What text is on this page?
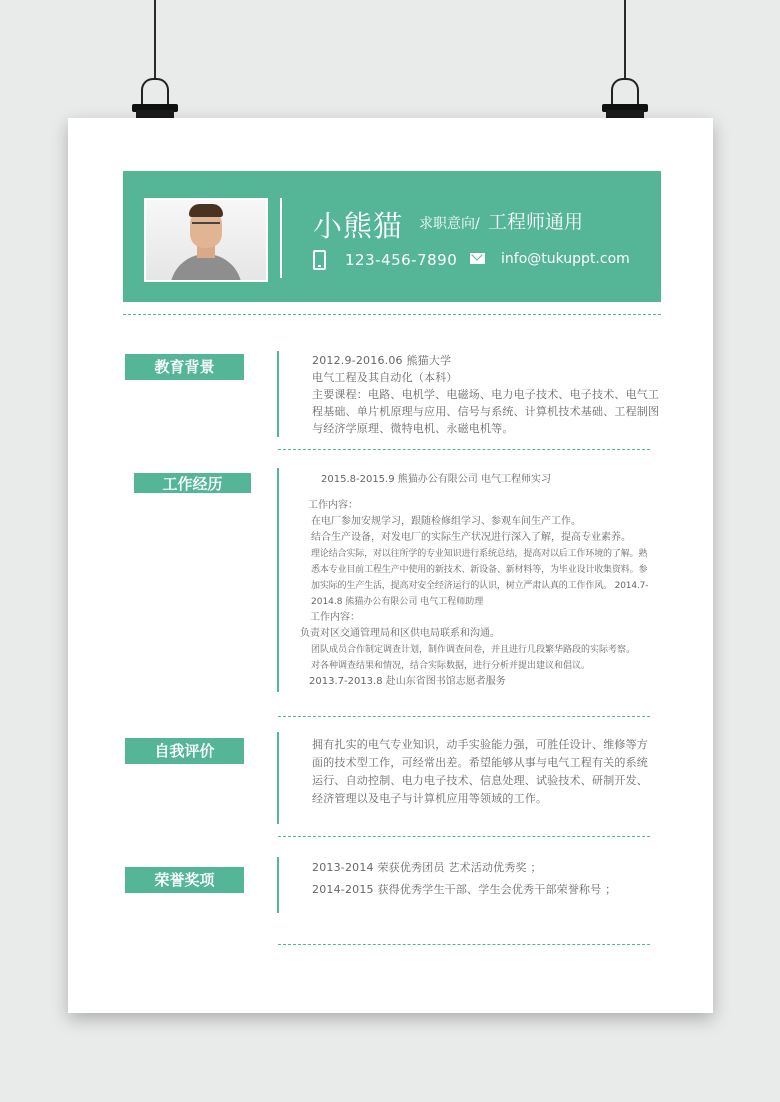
小熊猫 求职意向/ 工程师通用
123-456-7890	info@tukuppt.com
教育背景	2012.9-2016.06 熊猫大学
电气工程及其自动化（本科）
主要课程：电路、电机学、电磁场、电力电子技术、电子技术、电气工
程基础、单片机原理与应用、信号与系统、计算机技术基础、工程制图
与经济学原理、微特电机、永磁电机等。
工作经历	2015.8-2015.9 熊猫办公有限公司 电气工程师实习
工作内容：
在电厂参加安规学习，跟随检修组学习、参观车间生产工作。
结合生产设备，对发电厂的实际生产状况进行深入了解，提高专业素养。
理论结合实际，对以往所学的专业知识进行系统总结，提高对以后工作环境的了解。熟
悉本专业目前工程生产中使用的新技术、新设备、新材料等，为毕业设计收集资料。参
加实际的生产生活，提高对安全经济运行的认识，树立严肃认真的工作作风。 2014.7-
2014.8 熊猫办公有限公司 电气工程师助理
工作内容：
负责对区交通管理局和区供电局联系和沟通。
团队成员合作制定调查计划，制作调查问卷，并且进行几段繁华路段的实际考察。
对各种调查结果和情况，结合实际数据，进行分析并提出建议和倡议。
2013.7-2013.8 赴山东省图书馆志愿者服务
自我评价	拥有扎实的电气专业知识，动手实验能力强，可胜任设计、维修等方
面的技术型工作，可经常出差。希望能够从事与电气工程有关的系统
运行、自动控制、电力电子技术、信息处理、试验技术、研制开发、
经济管理以及电子与计算机应用等领域的工作。
荣誉奖项
2013-2014 荣获优秀团员 艺术活动优秀奖 ；
2014-2015 获得优秀学生干部、学生会优秀干部荣誉称号 ；
